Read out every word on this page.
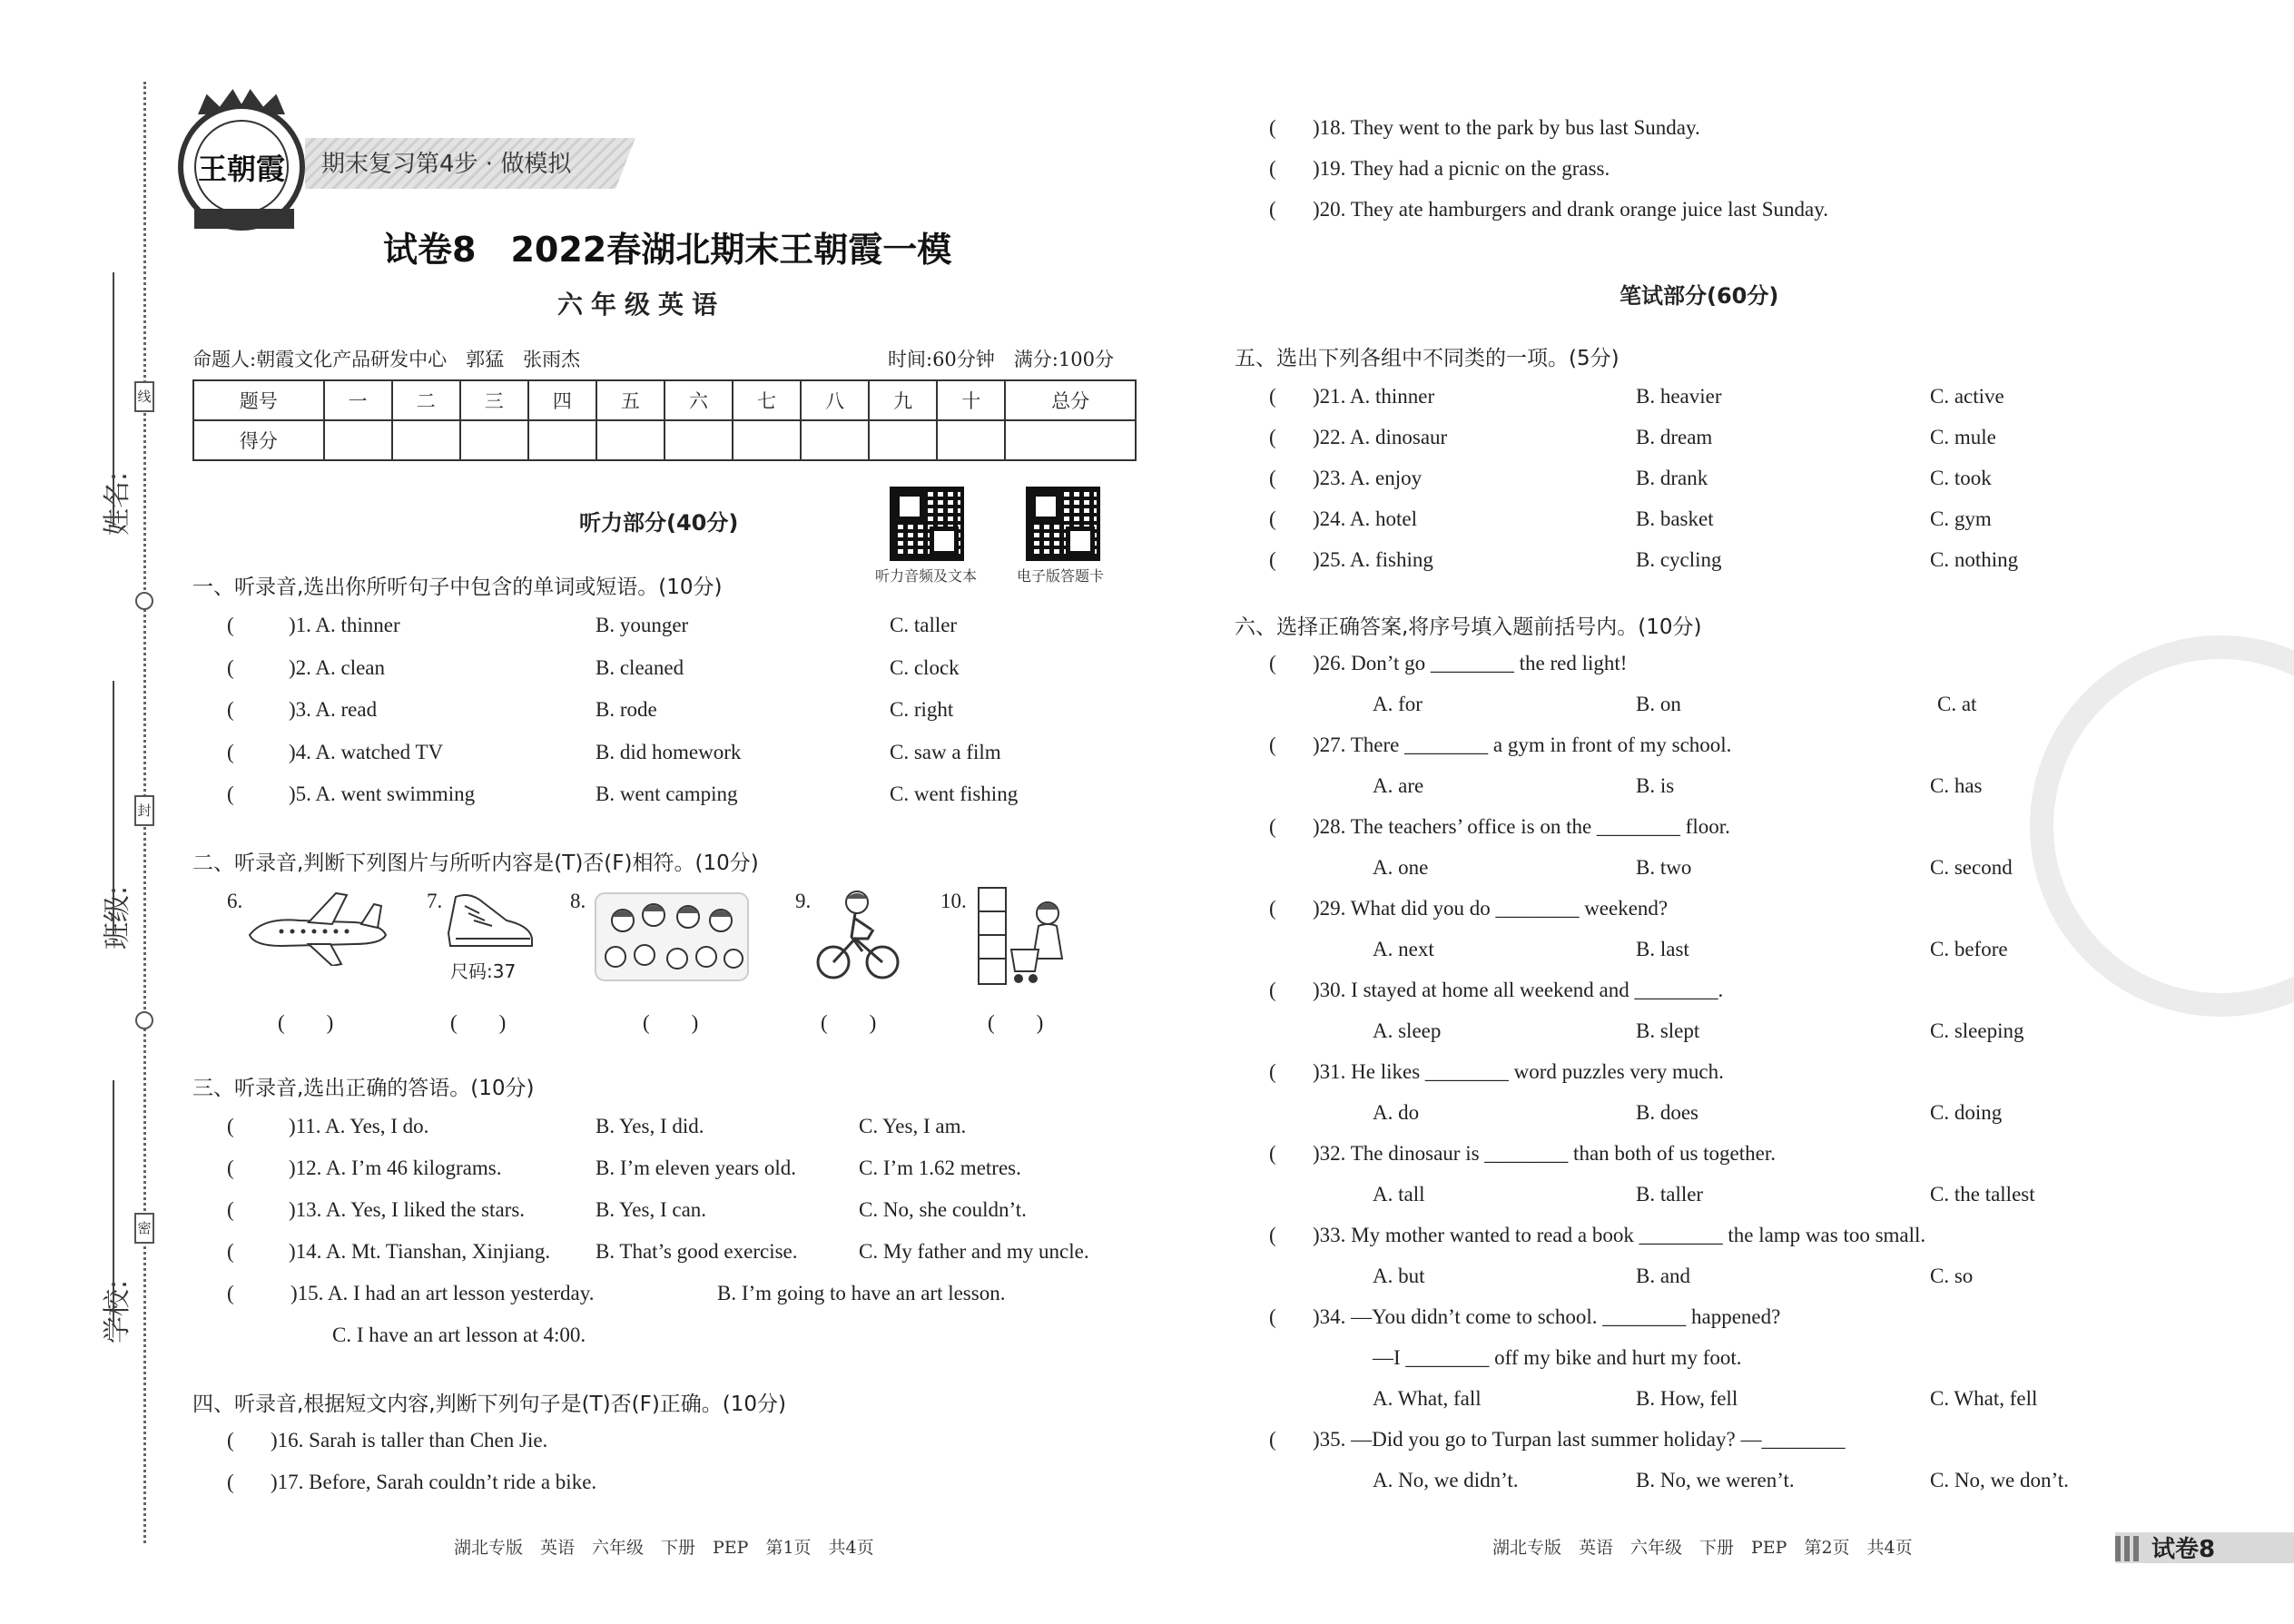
学校:
班级:
姓名:
线
封
密
王朝霞 期末复习第4步 · 做模拟
试卷8　2022春湖北期末王朝霞一模
六年级英语
命题人:朝霞文化产品研发中心　郭猛　张雨杰	时间:60分钟　满分:100分
题号	一	二	三	四	五	六	七	八	九	十	总分
得分											
听力部分(40分)
听力音频及文本	电子版答题卡
一、听录音,选出你所听句子中包含的单词或短语。(10分)
(	)1. A. thinner	B. younger	C. taller
(	)2. A. clean	B. cleaned	C. clock
(	)3. A. read	B. rode	C. right
(	)4. A. watched TV	B. did homework	C. saw a film
(	)5. A. went swimming	B. went camping	C. went fishing
二、听录音,判断下列图片与所听内容是(T)否(F)相符。(10分)
6.	7.	8.	9.	10.
尺码:37
(　　)	(　　)	(　　)	(　　)	(　　)
三、听录音,选出正确的答语。(10分)
(	)11. A. Yes, I do.	B. Yes, I did.	C. Yes, I am.
(	)12. A. I’m 46 kilograms.	B. I’m eleven years old.	C. I’m 1.62 metres.
(	)13. A. Yes, I liked the stars.	B. Yes, I can.	C. No, she couldn’t.
(	)14. A. Mt. Tianshan, Xinjiang. B. That’s good exercise.	C. My father and my uncle.
(	)15. A. I had an art lesson yesterday.	B. I’m going to have an art lesson.
C. I have an art lesson at 4:00.
四、听录音,根据短文内容,判断下列句子是(T)否(F)正确。(10分)
( )16. Sarah is taller than Chen Jie.
( )17. Before, Sarah couldn’t ride a bike.
( )18. They went to the park by bus last Sunday.
( )19. They had a picnic on the grass.
( )20. They ate hamburgers and drank orange juice last Sunday.
笔试部分(60分)
五、选出下列各组中不同类的一项。(5分)
( )21. A. thinner	B. heavier	C. active
( )22. A. dinosaur	B. dream	C. mule
( )23. A. enjoy	B. drank	C. took
( )24. A. hotel	B. basket	C. gym
( )25. A. fishing	B. cycling	C. nothing
六、选择正确答案,将序号填入题前括号内。(10分)
( )26. Don’t go ________ the red light!
A. for	B. on	C. at
( )27. There ________ a gym in front of my school.
A. are	B. is	C. has
( )28. The teachers’ office is on the ________ floor.
A. one	B. two	C. second
( )29. What did you do ________ weekend?
A. next	B. last	C. before
( )30. I stayed at home all weekend and ________.
A. sleep	B. slept	C. sleeping
( )31. He likes ________ word puzzles very much.
A. do	B. does	C. doing
( )32. The dinosaur is ________ than both of us together.
A. tall	B. taller	C. the tallest
( )33. My mother wanted to read a book ________ the lamp was too small.
A. but	B. and	C. so
( )34. —You didn’t come to school. ________ happened?
—I ________ off my bike and hurt my foot.
A. What, fall	B. How, fell	C. What, fell
( )35. —Did you go to Turpan last summer holiday? —________
A. No, we didn’t.	B. No, we weren’t.	C. No, we don’t.
湖北专版　英语　六年级　下册　PEP　第1页　共4页	湖北专版　英语　六年级　下册　PEP　第2页　共4页	试卷8
